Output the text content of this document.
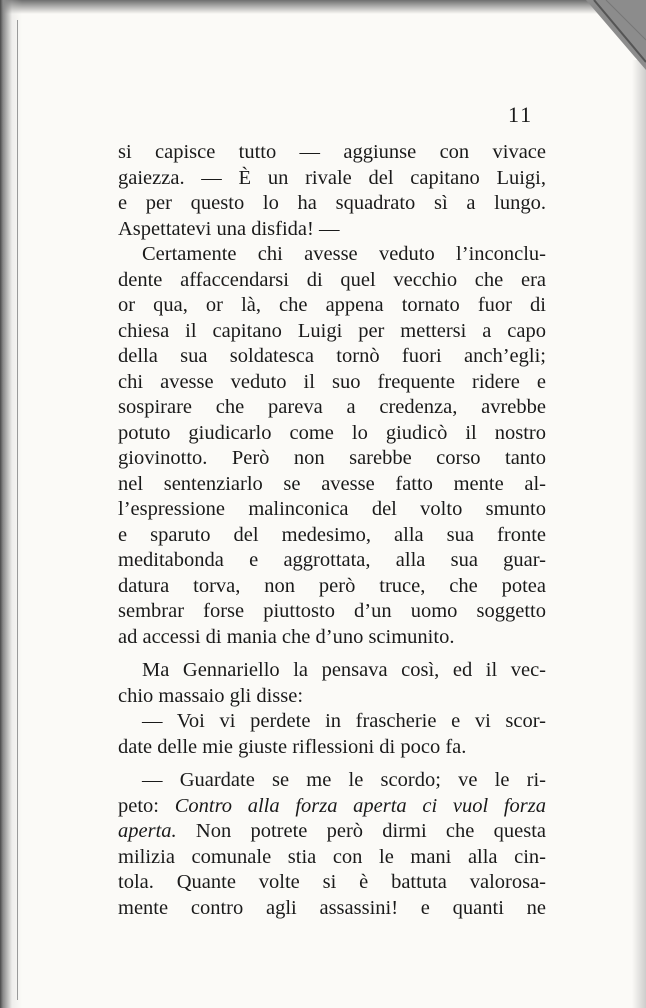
11
si capisce tutto — aggiunse con vivace
gaiezza. — È un rivale del capitano Luigi,
e per questo lo ha squadrato sì a lungo.
Aspettatevi una disfida! —
Certamente chi avesse veduto l’inconclu-
dente affaccendarsi di quel vecchio che era
or qua, or là, che appena tornato fuor di
chiesa il capitano Luigi per mettersi a capo
della sua soldatesca tornò fuori anch’egli;
chi avesse veduto il suo frequente ridere e
sospirare che pareva a credenza, avrebbe
potuto giudicarlo come lo giudicò il nostro
giovinotto. Però non sarebbe corso tanto
nel sentenziarlo se avesse fatto mente al-
l’espressione malinconica del volto smunto
e sparuto del medesimo, alla sua fronte
meditabonda e aggrottata, alla sua guar-
datura torva, non però truce, che potea
sembrar forse piuttosto d’un uomo soggetto
ad accessi di mania che d’uno scimunito.
Ma Gennariello la pensava così, ed il vec-
chio massaio gli disse:
— Voi vi perdete in frascherie e vi scor-
date delle mie giuste riflessioni di poco fa.
— Guardate se me le scordo; ve le ri-
peto: Contro alla forza aperta ci vuol forza
aperta. Non potrete però dirmi che questa
milizia comunale stia con le mani alla cin-
tola. Quante volte si è battuta valorosa-
mente contro agli assassini! e quanti ne
